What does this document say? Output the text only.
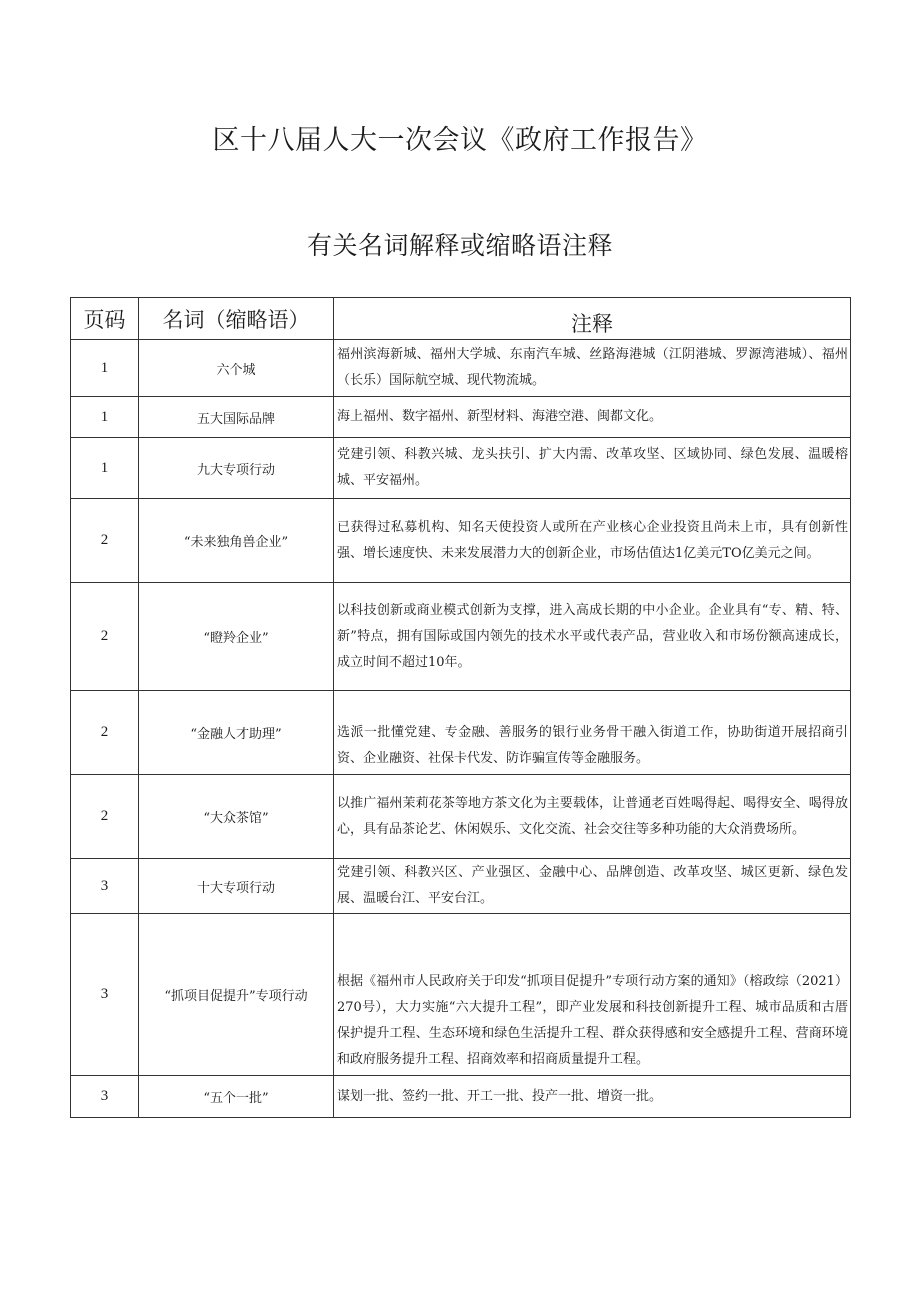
区十八届人大一次会议《政府工作报告》
有关名词解释或缩略语注释
页码	名词（缩略语）	注释
1	六个城	福州滨海新城、福州大学城、东南汽车城、丝路海港城（江阴港城、罗源湾港城）、福州（长乐）国际航空城、现代物流城。
1	五大国际品牌	海上福州、数字福州、新型材料、海港空港、闽都文化。
1	九大专项行动	党建引领、科教兴城、龙头扶引、扩大内需、改革攻坚、区域协同、绿色发展、温暖榕城、平安福州。
2	“未来独角兽企业”	已获得过私募机构、知名天使投资人或所在产业核心企业投资且尚未上市，具有创新性强、增长速度快、未来发展潜力大的创新企业，市场估值达1亿美元TO亿美元之间。
2	“瞪羚企业”	以科技创新或商业模式创新为支撑，进入高成长期的中小企业。企业具有“专、精、特、新”特点，拥有国际或国内领先的技术水平或代表产品，营业收入和市场份额高速成长，成立时间不超过10年。
2	“金融人才助理”	选派一批懂党建、专金融、善服务的银行业务骨干融入街道工作，协助街道开展招商引资、企业融资、社保卡代发、防诈骗宣传等金融服务。
2	“大众茶馆”	以推广福州茉莉花茶等地方茶文化为主要载体，让普通老百姓喝得起、喝得安全、喝得放心，具有品茶论艺、休闲娱乐、文化交流、社会交往等多种功能的大众消费场所。
3	十大专项行动	党建引领、科教兴区、产业强区、金融中心、品牌创造、改革攻坚、城区更新、绿色发展、温暖台江、平安台江。
3	“抓项目促提升”专项行动	根据《福州市人民政府关于印发“抓项目促提升”专项行动方案的通知》（榕政综（2021）270号），大力实施“六大提升工程”，即产业发展和科技创新提升工程、城市品质和古厝保护提升工程、生态环境和绿色生活提升工程、群众获得感和安全感提升工程、营商环境和政府服务提升工程、招商效率和招商质量提升工程。
3	“五个一批”	谋划一批、签约一批、开工一批、投产一批、增资一批。
